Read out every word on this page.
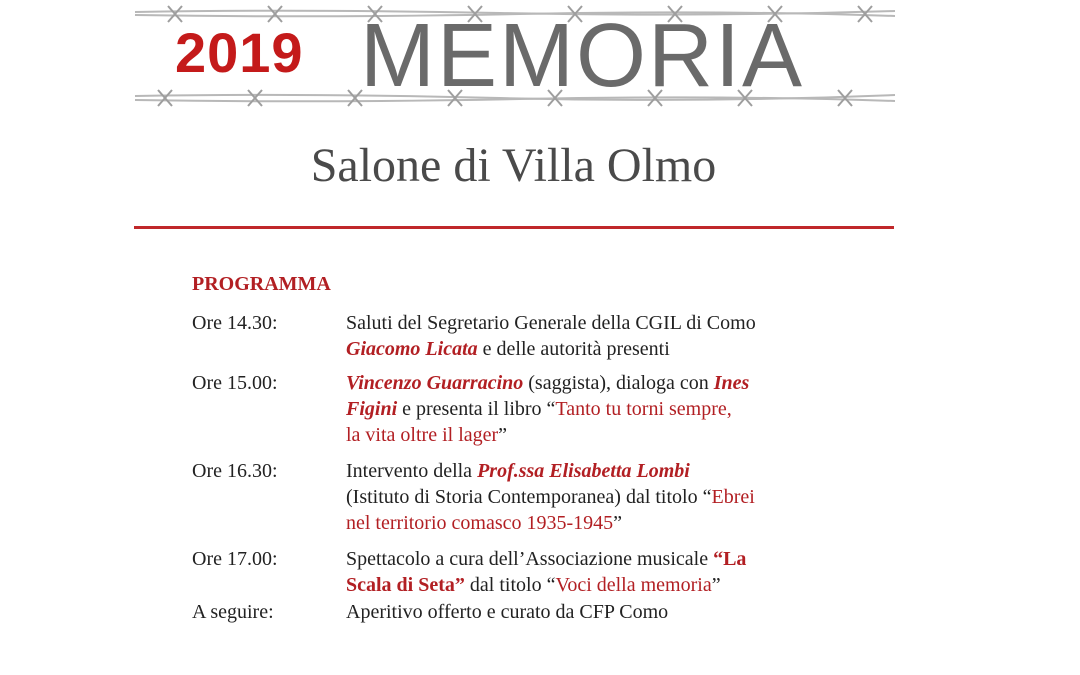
2019 MEMORIA
Salone di Villa Olmo
PROGRAMMA
Ore 14.30:	Saluti del Segretario Generale della CGIL di Como
Giacomo Licata e delle autorità presenti
Ore 15.00:	Vincenzo Guarracino (saggista), dialoga con Ines
Figini e presenta il libro “Tanto tu torni sempre,
la vita oltre il lager”
Ore 16.30:	Intervento della Prof.ssa Elisabetta Lombi
(Istituto di Storia Contemporanea) dal titolo “Ebrei
nel territorio comasco 1935-1945”
Ore 17.00:	Spettacolo a cura dell’Associazione musicale “La
Scala di Seta” dal titolo “Voci della memoria”
A seguire:	Aperitivo offerto e curato da CFP Como
